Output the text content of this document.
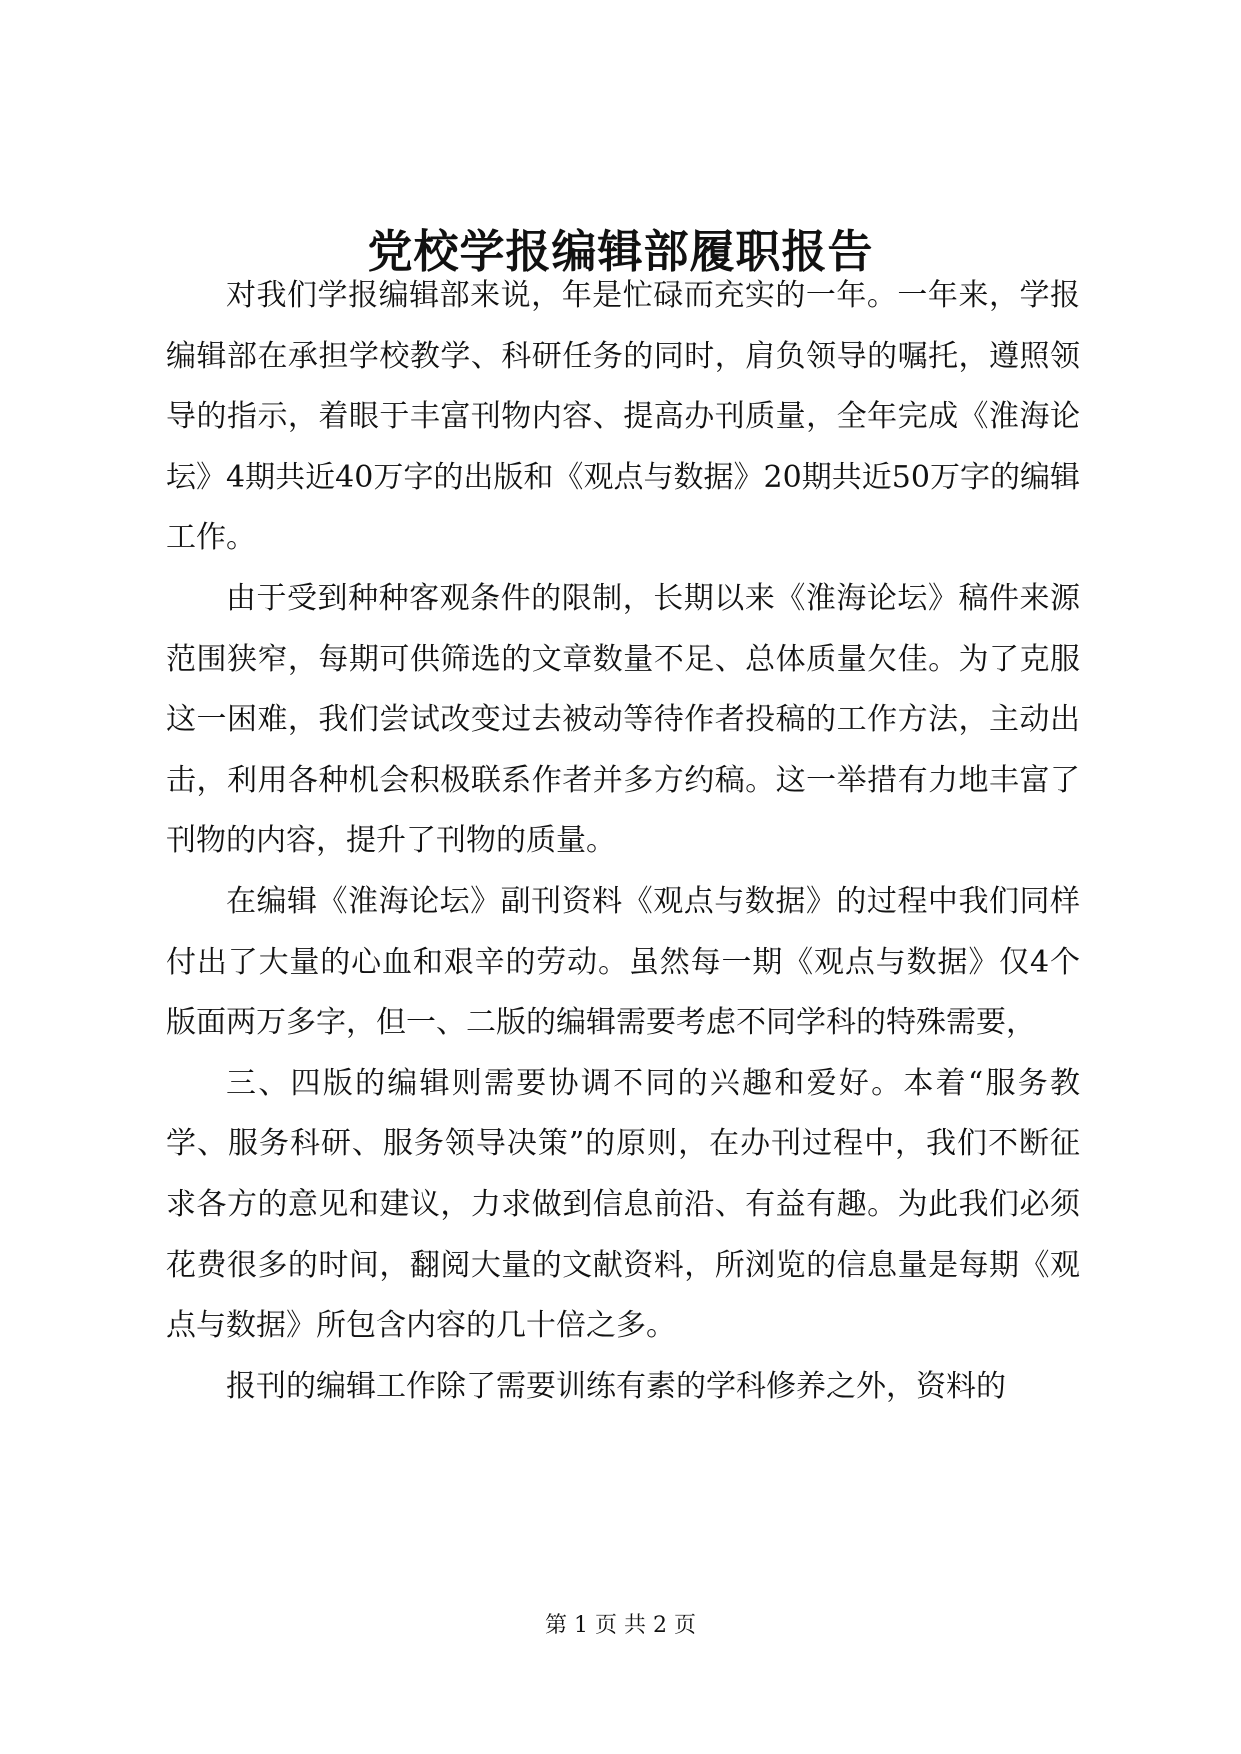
党校学报编辑部履职报告

对我们学报编辑部来说，年是忙碌而充实的一年。一年来，学报编辑部在承担学校教学、科研任务的同时，肩负领导的嘱托，遵照领导的指示，着眼于丰富刊物内容、提高办刊质量，全年完成《淮海论坛》4期共近40万字的出版和《观点与数据》20期共近50万字的编辑工作。

由于受到种种客观条件的限制，长期以来《淮海论坛》稿件来源范围狭窄，每期可供筛选的文章数量不足、总体质量欠佳。为了克服这一困难，我们尝试改变过去被动等待作者投稿的工作方法，主动出击，利用各种机会积极联系作者并多方约稿。这一举措有力地丰富了刊物的内容，提升了刊物的质量。

在编辑《淮海论坛》副刊资料《观点与数据》的过程中我们同样付出了大量的心血和艰辛的劳动。虽然每一期《观点与数据》仅4个版面两万多字，但一、二版的编辑需要考虑不同学科的特殊需要，

三、四版的编辑则需要协调不同的兴趣和爱好。本着“服务教学、服务科研、服务领导决策”的原则，在办刊过程中，我们不断征求各方的意见和建议，力求做到信息前沿、有益有趣。为此我们必须花费很多的时间，翻阅大量的文献资料，所浏览的信息量是每期《观点与数据》所包含内容的几十倍之多。

报刊的编辑工作除了需要训练有素的学科修养之外，资料的

第 1 页 共 2 页
